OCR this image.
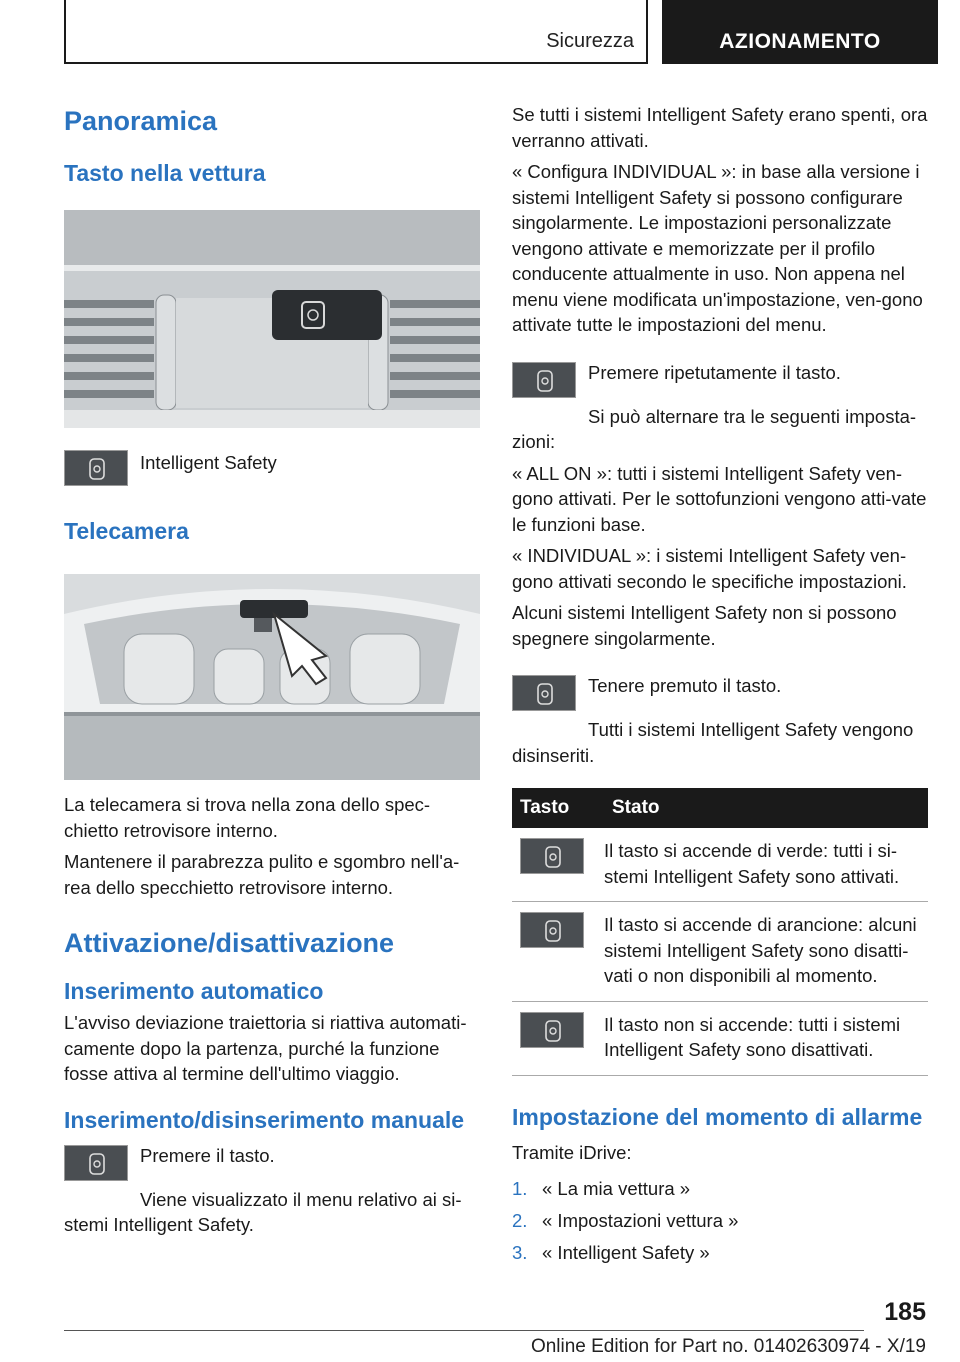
Sicurezza	AZIONAMENTO
Panoramica
Tasto nella vettura

Intelligent Safety

Telecamera

La telecamera si trova nella zona dello spec-chietto retrovisore interno.

Mantenere il parabrezza pulito e sgombro nell'a-rea dello specchietto retrovisore interno.

Attivazione/disattivazione
Inserimento automatico

L'avviso deviazione traiettoria si riattiva automati-camente dopo la partenza, purché la funzione fosse attiva al termine dell'ultimo viaggio.

Inserimento/disinserimento manuale

Premere il tasto.

Viene visualizzato il menu relativo ai si-stemi Intelligent Safety.

Se tutti i sistemi Intelligent Safety erano spenti, ora verranno attivati.

« Configura INDIVIDUAL »: in base alla versione i sistemi Intelligent Safety si possono configurare singolarmente. Le impostazioni personalizzate vengono attivate e memorizzate per il profilo conducente attualmente in uso. Non appena nel menu viene modificata un'impostazione, ven-gono attivate tutte le impostazioni del menu.

Premere ripetutamente il tasto.

Si può alternare tra le seguenti imposta-zioni:

« ALL ON »: tutti i sistemi Intelligent Safety ven-gono attivati. Per le sottofunzioni vengono atti-vate le funzioni base.

« INDIVIDUAL »: i sistemi Intelligent Safety ven-gono attivati secondo le specifiche impostazioni.

Alcuni sistemi Intelligent Safety non si possono spegnere singolarmente.

Tenere premuto il tasto.

Tutti i sistemi Intelligent Safety vengono disinseriti.

Tasto	Stato

	Il tasto si accende di verde: tutti i si-stemi Intelligent Safety sono attivati.

	Il tasto si accende di arancione: alcuni sistemi Intelligent Safety sono disatti-vati o non disponibili al momento.

	Il tasto non si accende: tutti i sistemi Intelligent Safety sono disattivati.
Impostazione del momento di allarme

Tramite iDrive:

1. « La mia vettura »
2. « Impostazioni vettura »
3. « Intelligent Safety »
185
Online Edition for Part no. 01402630974 - X/19
